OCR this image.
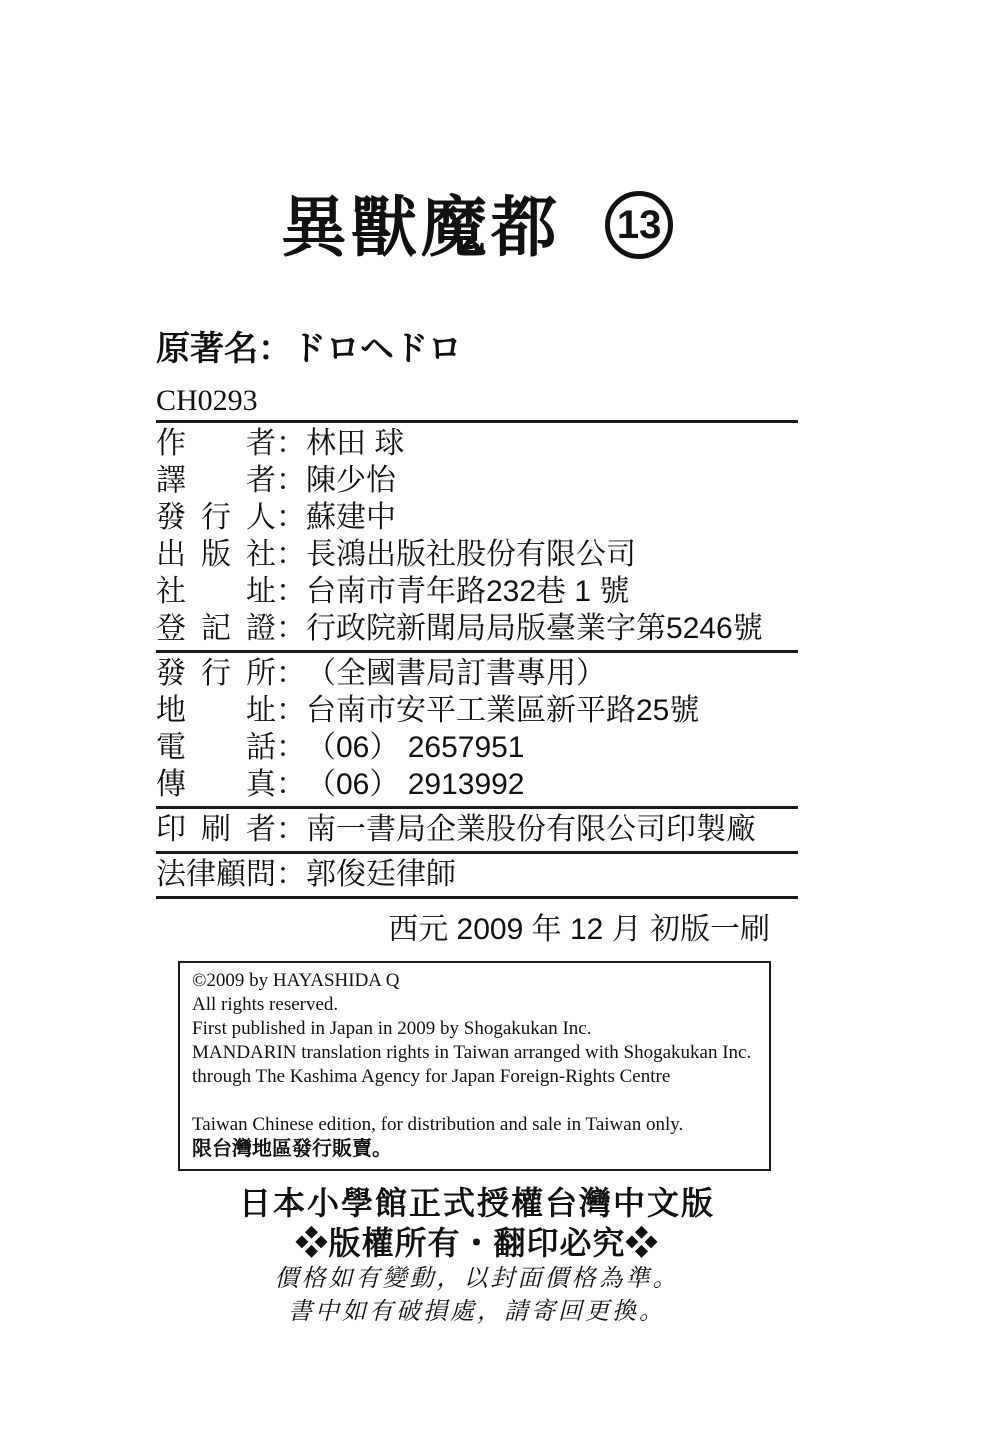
異獸魔都 13
原著名：ドロヘドロ
CH0293
作者 ： 林田 球
譯者 ： 陳少怡
發行人 ： 蘇建中
出版社 ： 長鴻出版社股份有限公司
社址 ： 台南市青年路232巷 1 號
登記證 ： 行政院新聞局局版臺業字第5246號
發行所 ： （全國書局訂書專用）
地址 ： 台南市安平工業區新平路25號
電話 ： （06） 2657951
傳真 ： （06） 2913992
印刷者 ： 南一書局企業股份有限公司印製廠
法律顧問 ： 郭俊廷律師
西元 2009 年 12 月 初版一刷
©2009 by HAYASHIDA Q
All rights reserved.
First published in Japan in 2009 by Shogakukan Inc.
MANDARIN translation rights in Taiwan arranged with Shogakukan Inc.
through The Kashima Agency for Japan Foreign-Rights Centre
Taiwan Chinese edition, for distribution and sale in Taiwan only.
限台灣地區發行販賣。
日本小學館正式授權台灣中文版
❖版權所有・翻印必究❖
價格如有變動，以封面價格為準。
書中如有破損處，請寄回更換。
